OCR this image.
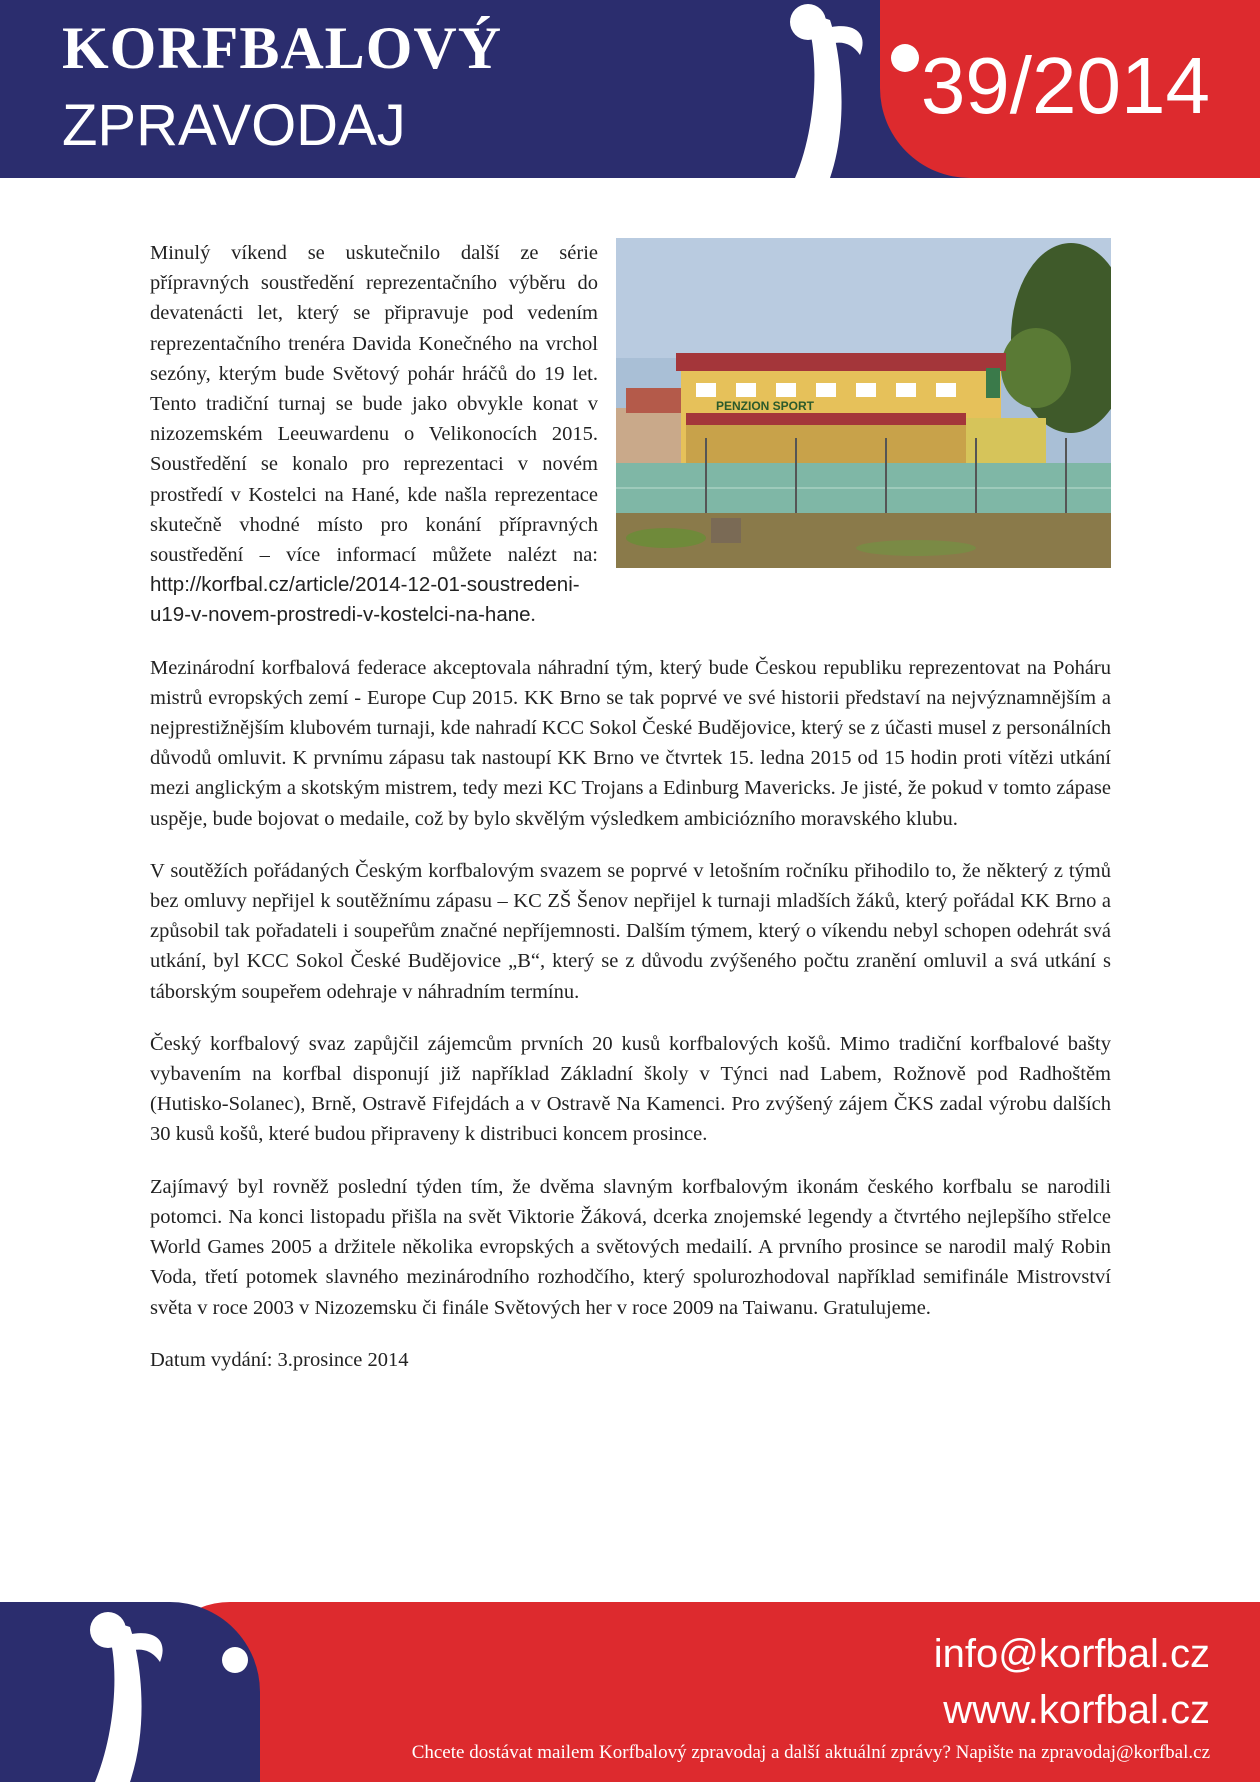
KORFBALOVÝ
ZPRAVODAJ	39/2014
PENZION SPORT

Minulý víkend se uskutečnilo další ze série přípravných soustředění reprezentačního výběru do devatenácti let, který se připravuje pod vedením reprezentačního trenéra Davida Konečného na vrchol sezóny, kterým bude Světový pohár hráčů do 19 let. Tento tradiční turnaj se bude jako obvykle konat v nizozemském Leeuwardenu o Velikonocích 2015. Soustředění se konalo pro reprezentaci v novém prostředí v Kostelci na Hané, kde našla reprezentace skutečně vhodné místo pro konání přípravných soustředění – více informací můžete nalézt na: http://korfbal.cz/article/2014-12-01-soustredeni-u19-v-novem-prostredi-v-kostelci-na-hane.

Mezinárodní korfbalová federace akceptovala náhradní tým, který bude Českou republiku reprezentovat na Poháru mistrů evropských zemí - Europe Cup 2015. KK Brno se tak poprvé ve své historii představí na nejvýznamnějším a nejprestižnějším klubovém turnaji, kde nahradí KCC Sokol České Budějovice, který se z účasti musel z personálních důvodů omluvit. K prvnímu zápasu tak nastoupí KK Brno ve čtvrtek 15. ledna 2015 od 15 hodin proti vítězi utkání mezi anglickým a skotským mistrem, tedy mezi KC Trojans a Edinburg Mavericks. Je jisté, že pokud v tomto zápase uspěje, bude bojovat o medaile, což by bylo skvělým výsledkem ambiciózního moravského klubu.

V soutěžích pořádaných Českým korfbalovým svazem se poprvé v letošním ročníku přihodilo to, že některý z týmů bez omluvy nepřijel k soutěžnímu zápasu – KC ZŠ Šenov nepřijel k turnaji mladších žáků, který pořádal KK Brno a způsobil tak pořadateli i soupeřům značné nepříjemnosti. Dalším týmem, který o víkendu nebyl schopen odehrát svá utkání, byl KCC Sokol České Budějovice „B“, který se z důvodu zvýšeného počtu zranění omluvil a svá utkání s táborským soupeřem odehraje v náhradním termínu.

Český korfbalový svaz zapůjčil zájemcům prvních 20 kusů korfbalových košů. Mimo tradiční korfbalové bašty vybavením na korfbal disponují již například Základní školy v Týnci nad Labem, Rožnově pod Radhoštěm (Hutisko-Solanec), Brně, Ostravě Fifejdách a v Ostravě Na Kamenci. Pro zvýšený zájem ČKS zadal výrobu dalších 30 kusů košů, které budou připraveny k distribuci koncem prosince.

Zajímavý byl rovněž poslední týden tím, že dvěma slavným korfbalovým ikonám českého korfbalu se narodili potomci. Na konci listopadu přišla na svět Viktorie Žáková, dcerka znojemské legendy a čtvrtého nejlepšího střelce World Games 2005 a držitele několika evropských a světových medailí. A prvního prosince se narodil malý Robin Voda, třetí potomek slavného mezinárodního rozhodčího, který spolurozhodoval například semifinále Mistrovství světa v roce 2003 v Nizozemsku či finále Světových her v roce 2009 na Taiwanu. Gratulujeme.

Datum vydání: 3.prosince 2014

info@korfbal.cz
www.korfbal.cz
Chcete dostávat mailem Korfbalový zpravodaj a další aktuální zprávy? Napište na zpravodaj@korfbal.cz
